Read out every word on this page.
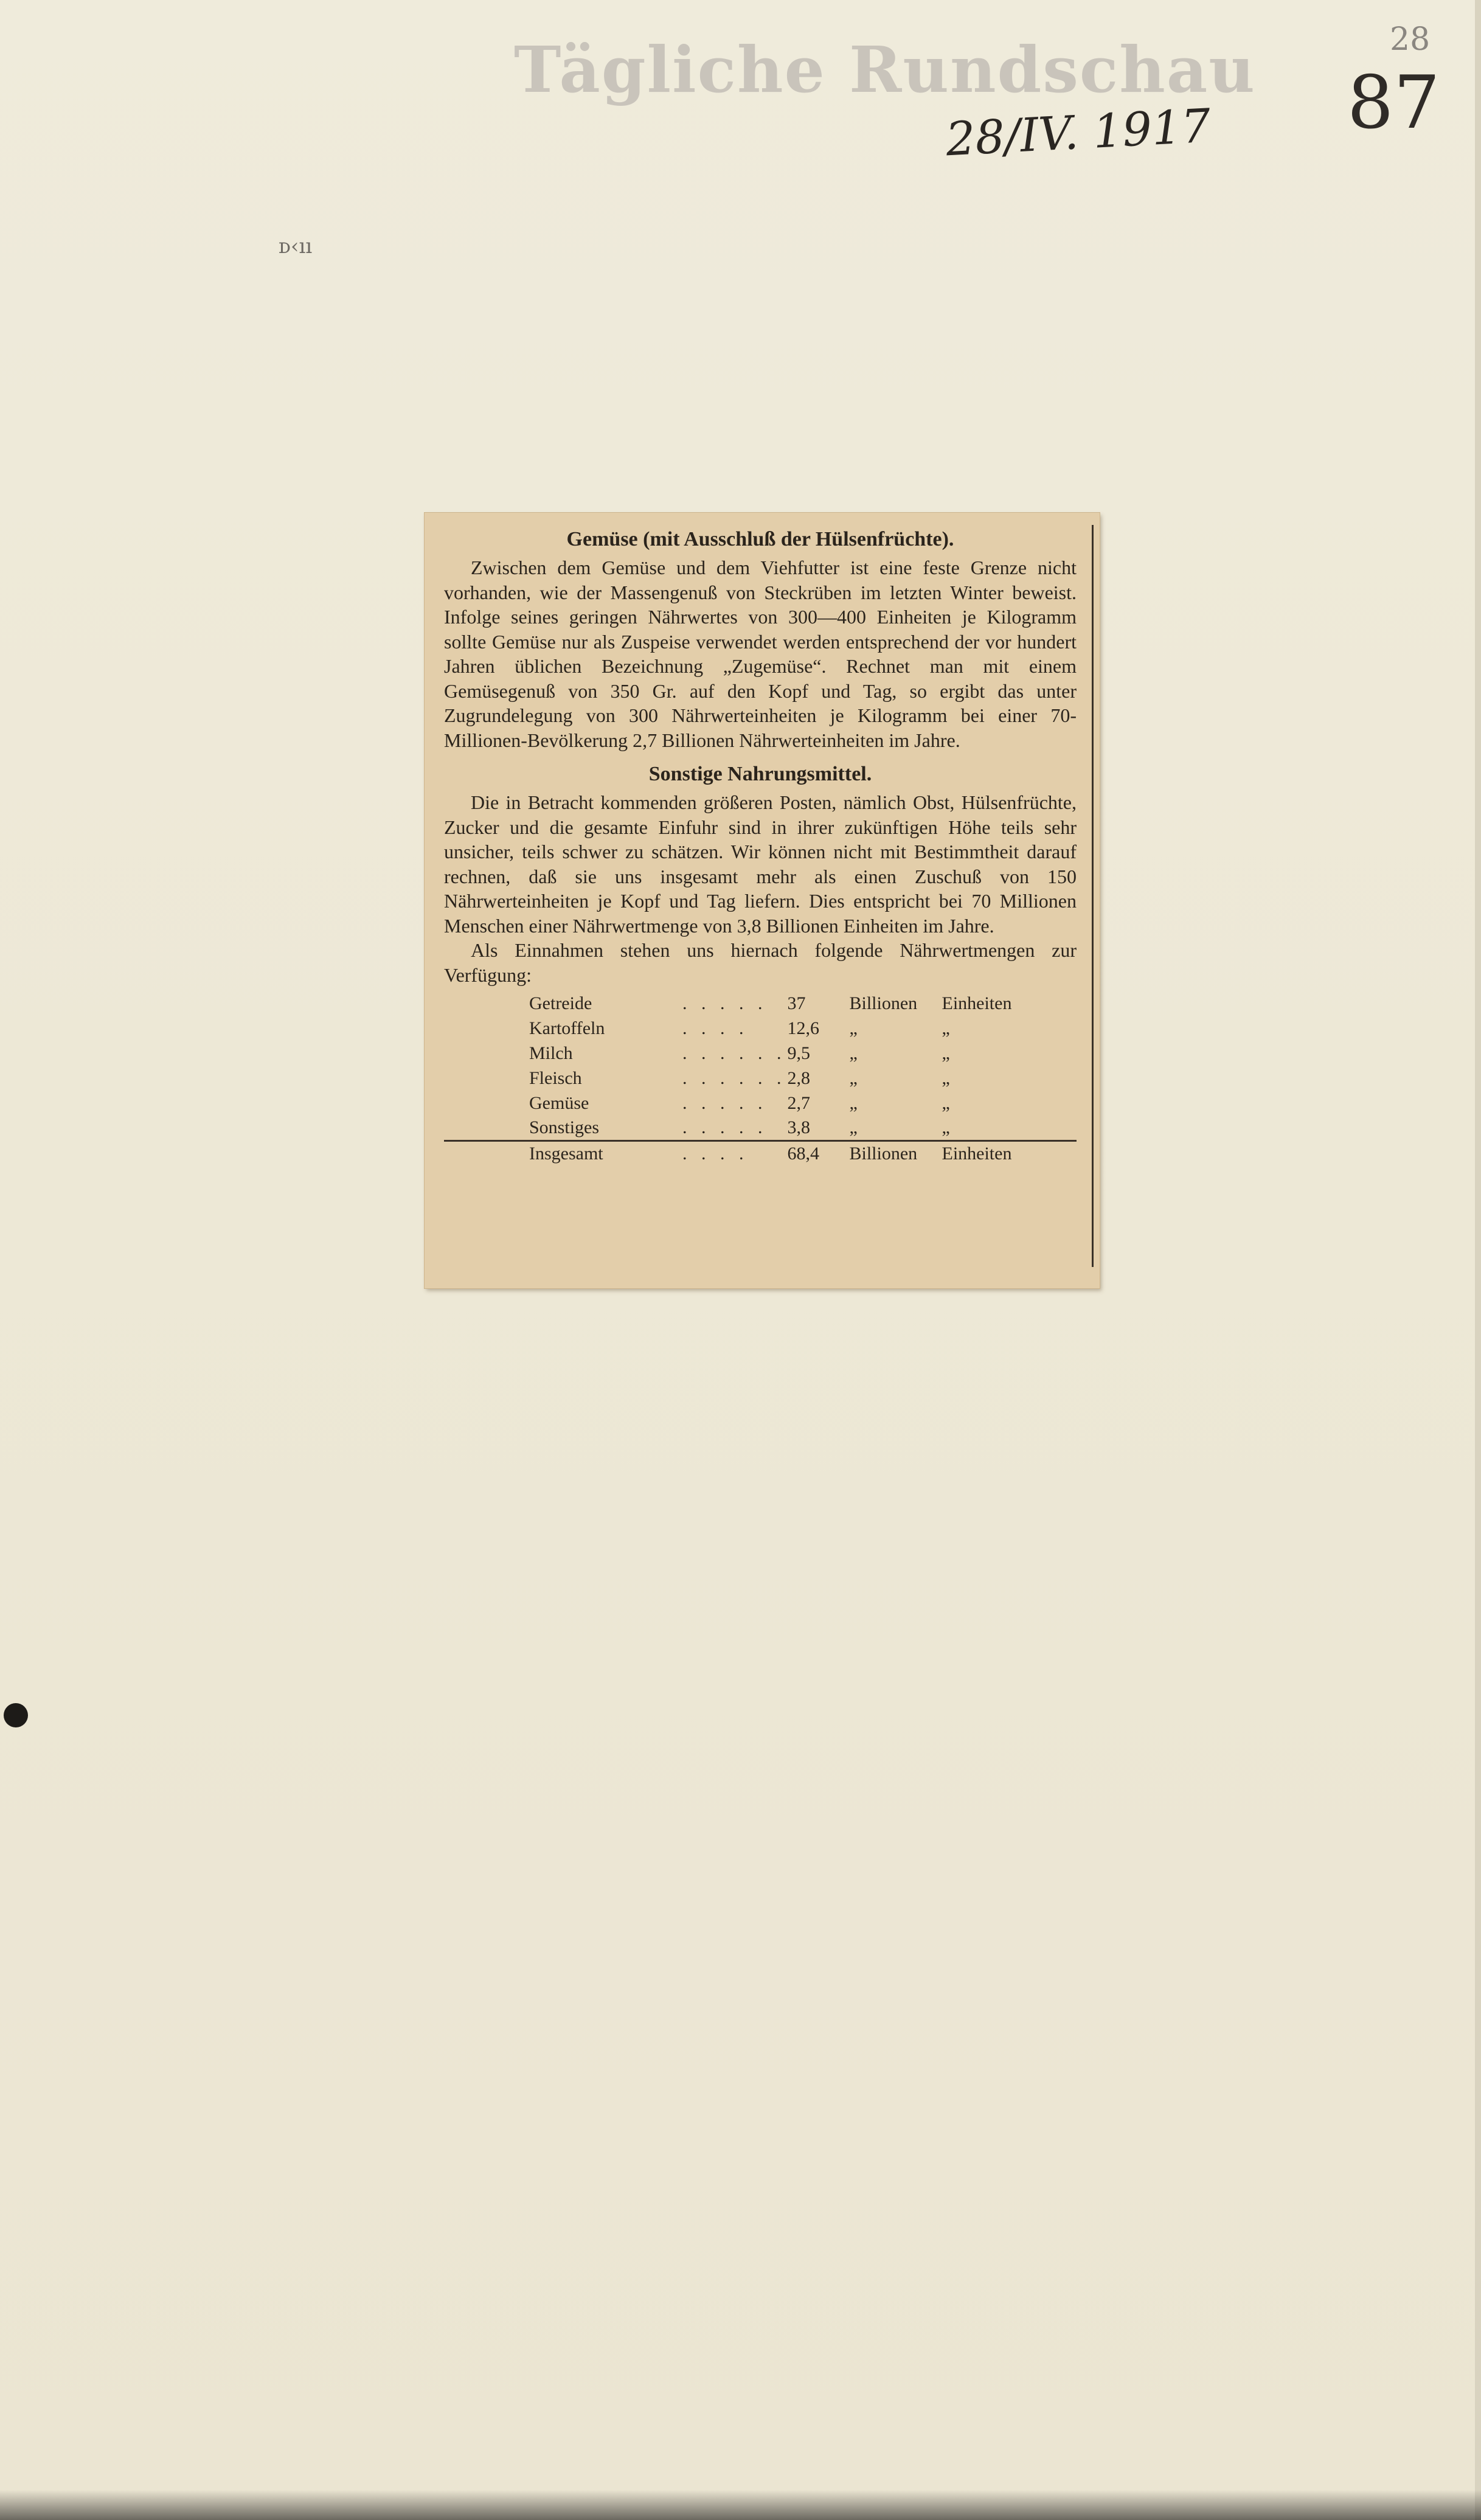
28
Tägliche Rundschau
28/IV. 1917 87
ᴅ‹ıı

Gemüse (mit Ausschluß der Hülsenfrüchte).

Zwischen dem Gemüse und dem Viehfutter ist eine feste Grenze nicht vorhanden, wie der Massengenuß von Steckrüben im letzten Winter beweist. Infolge seines geringen Nährwertes von 300—400 Einheiten je Kilogramm sollte Gemüse nur als Zuspeise verwendet werden entsprechend der vor hundert Jahren üblichen Bezeichnung „Zugemüse“. Rechnet man mit einem Gemüsegenuß von 350 Gr. auf den Kopf und Tag, so ergibt das unter Zugrundelegung von 300 Nährwerteinheiten je Kilogramm bei einer 70-Millionen-Bevölkerung 2,7 Billionen Nährwerteinheiten im Jahre.

Sonstige Nahrungsmittel.

Die in Betracht kommenden größeren Posten, nämlich Obst, Hülsenfrüchte, Zucker und die gesamte Einfuhr sind in ihrer zukünftigen Höhe teils sehr unsicher, teils schwer zu schätzen. Wir können nicht mit Bestimmtheit darauf rechnen, daß sie uns insgesamt mehr als einen Zuschuß von 150 Nährwerteinheiten je Kopf und Tag liefern. Dies entspricht bei 70 Millionen Menschen einer Nährwertmenge von 3,8 Billionen Einheiten im Jahre.

Als Einnahmen stehen uns hiernach folgende Nährwertmengen zur Verfügung:

Getreide	. . . . .	37	Billionen	Einheiten
Kartoffeln	. . . .	12,6	„	„
Milch	. . . . . .	9,5	„	„
Fleisch	. . . . . .	2,8	„	„
Gemüse	. . . . .	2,7	„	„
Sonstiges	. . . . .	3,8	„	„
Insgesamt	. . . .	68,4	Billionen	Einheiten
